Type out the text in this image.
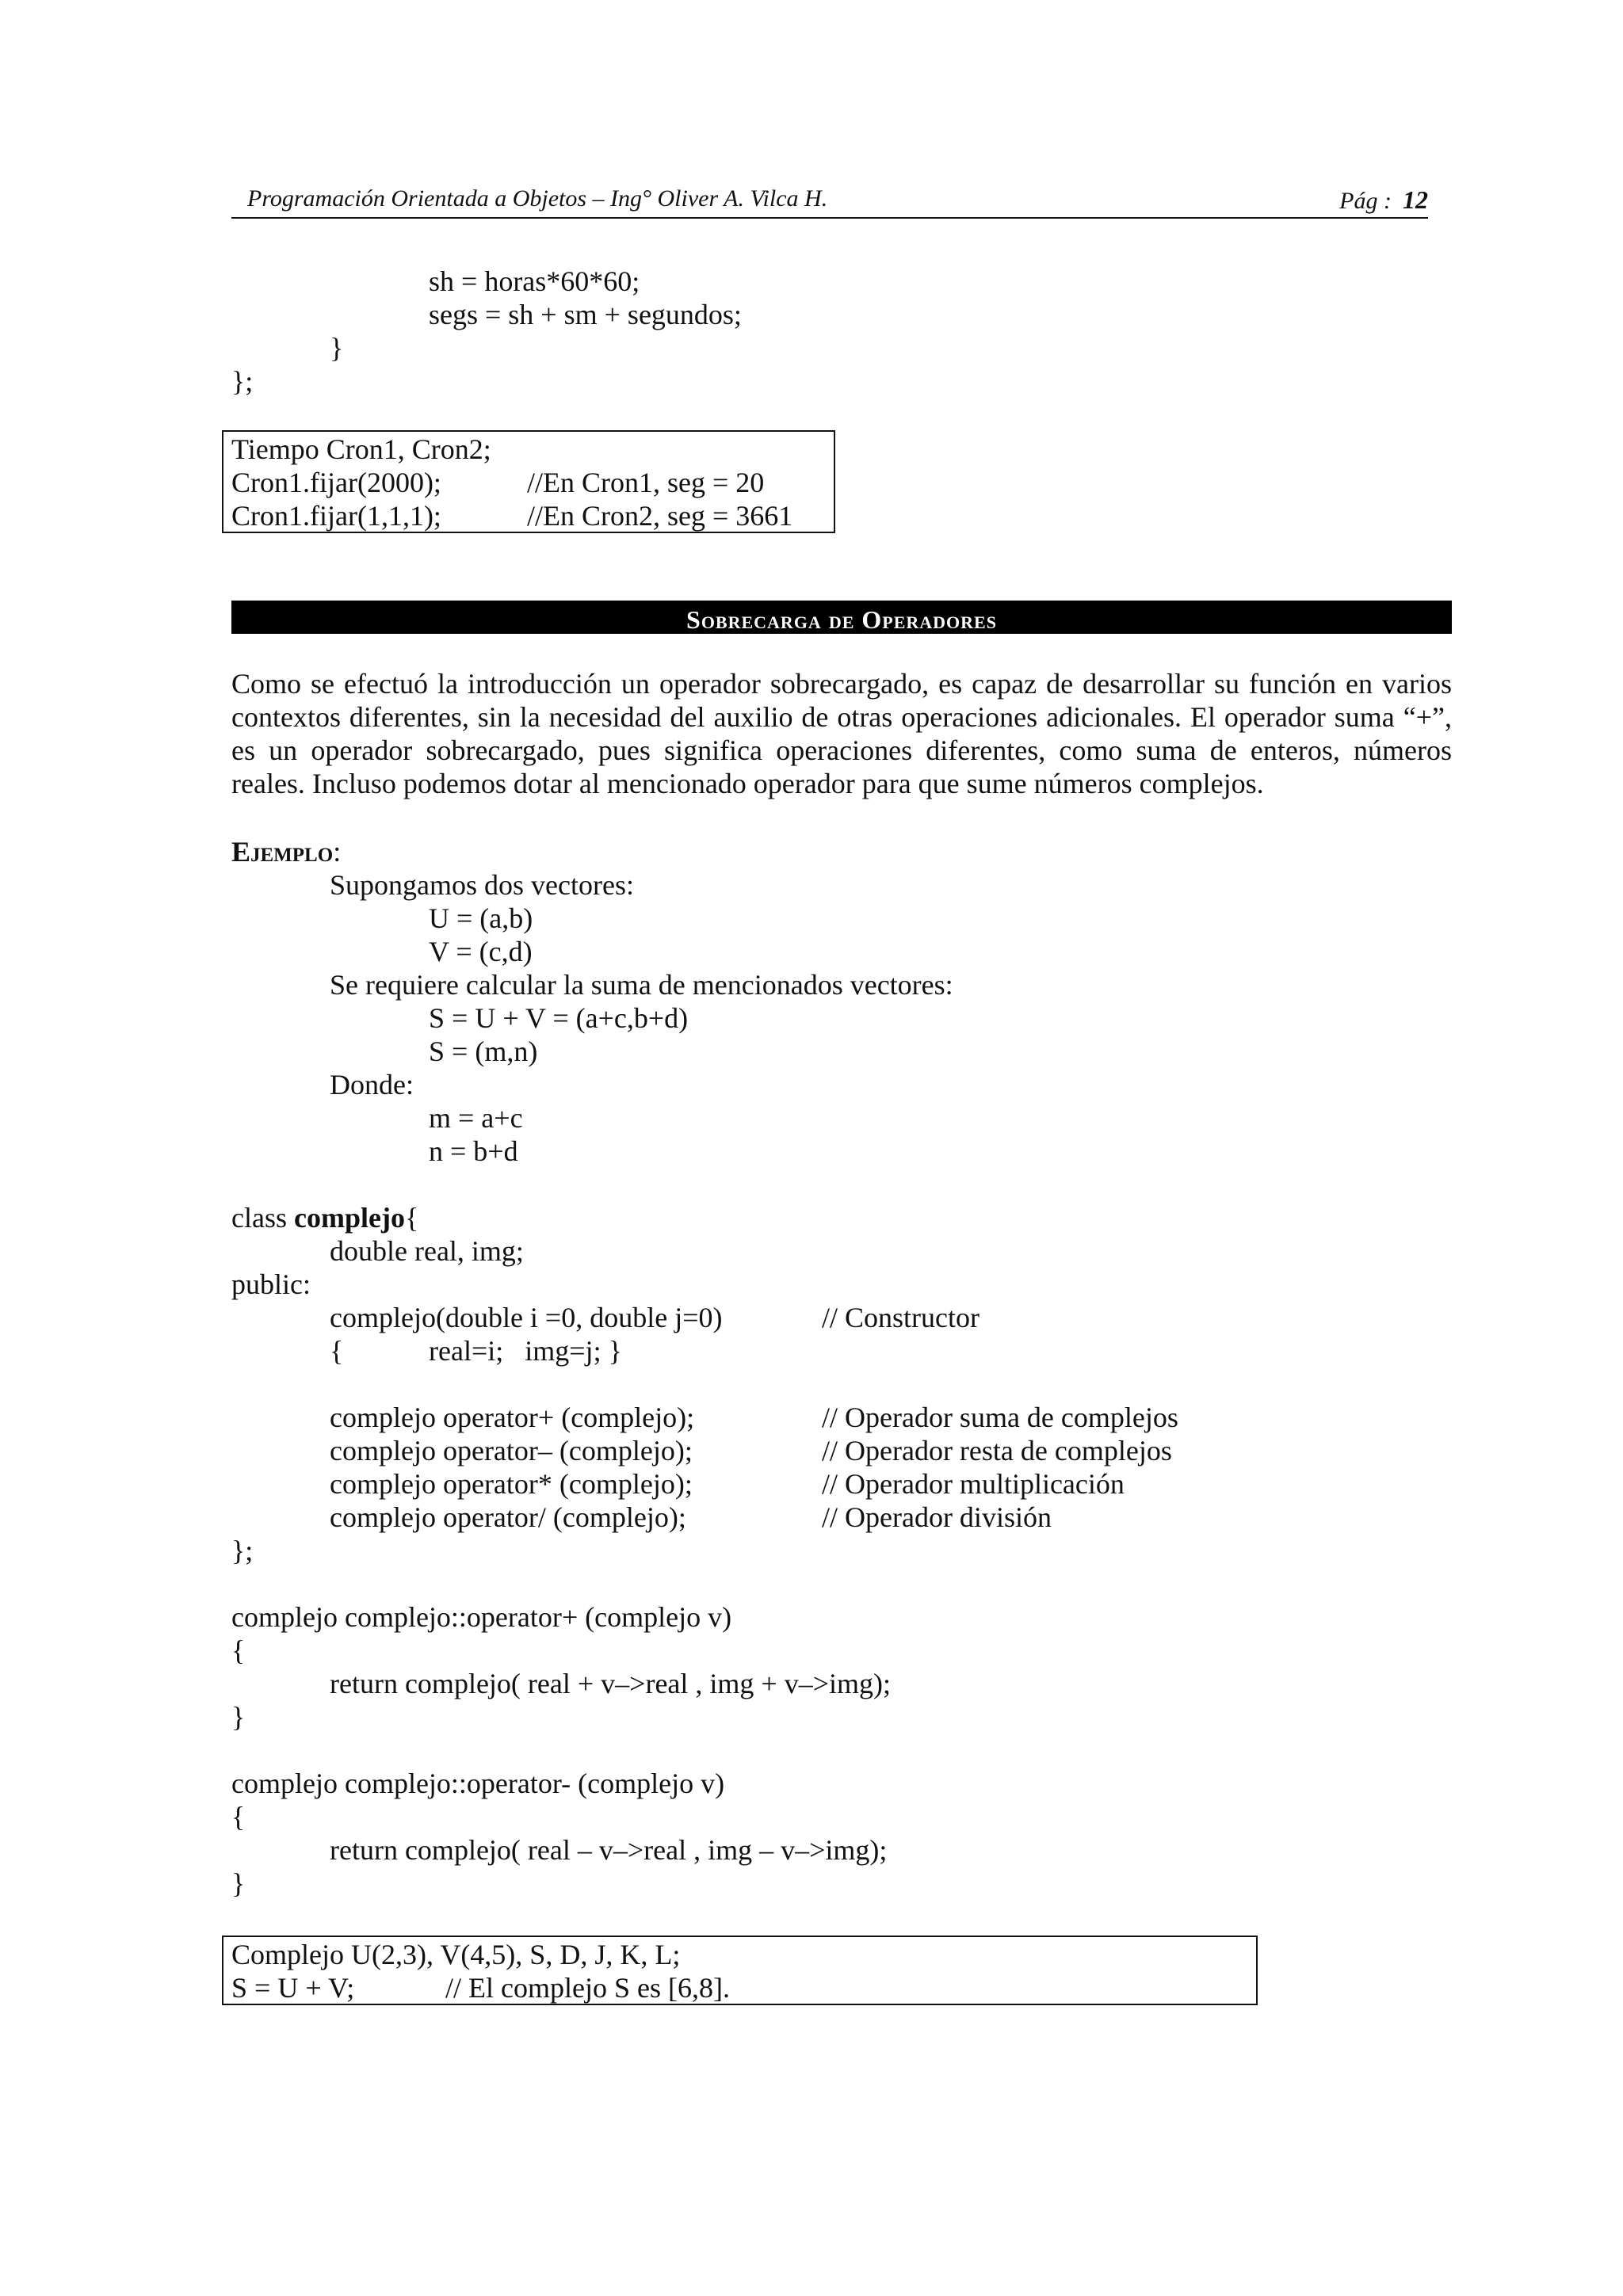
Programación Orientada a Objetos – Ing° Oliver A. Vilca H.	Pág : 12
sh = horas*60*60;
segs = sh + sm + segundos;
}
};
Tiempo Cron1, Cron2;
Cron1.fijar(2000);	//En Cron1, seg = 20
Cron1.fijar(1,1,1);	//En Cron2, seg = 3661
Sobrecarga de Operadores
Como se efectuó la introducción un operador sobrecargado, es capaz de desarrollar su función en varios contextos diferentes, sin la necesidad del auxilio de otras operaciones adicionales. El operador suma “+”, es un operador sobrecargado, pues significa operaciones diferentes, como suma de enteros, números reales. Incluso podemos dotar al mencionado operador para que sume números complejos.
Ejemplo:
Supongamos dos vectores:
U = (a,b)
V = (c,d)
Se requiere calcular la suma de mencionados vectores:
S = U + V = (a+c,b+d)
S = (m,n)
Donde:
m = a+c
n = b+d
class complejo{
double real, img;
public:
complejo(double i =0, double j=0)	// Constructor
{	real=i;   img=j; }
complejo operator+ (complejo);	// Operador suma de complejos
complejo operator– (complejo);	// Operador resta de complejos
complejo operator* (complejo);	// Operador multiplicación
complejo operator/ (complejo);	// Operador división
};
complejo complejo::operator+ (complejo v)
{
return complejo( real + v–>real , img + v–>img);
}
complejo complejo::operator- (complejo v)
{
return complejo( real – v–>real , img – v–>img);
}
Complejo U(2,3), V(4,5), S, D, J, K, L;
S = U + V;	// El complejo S es [6,8].
